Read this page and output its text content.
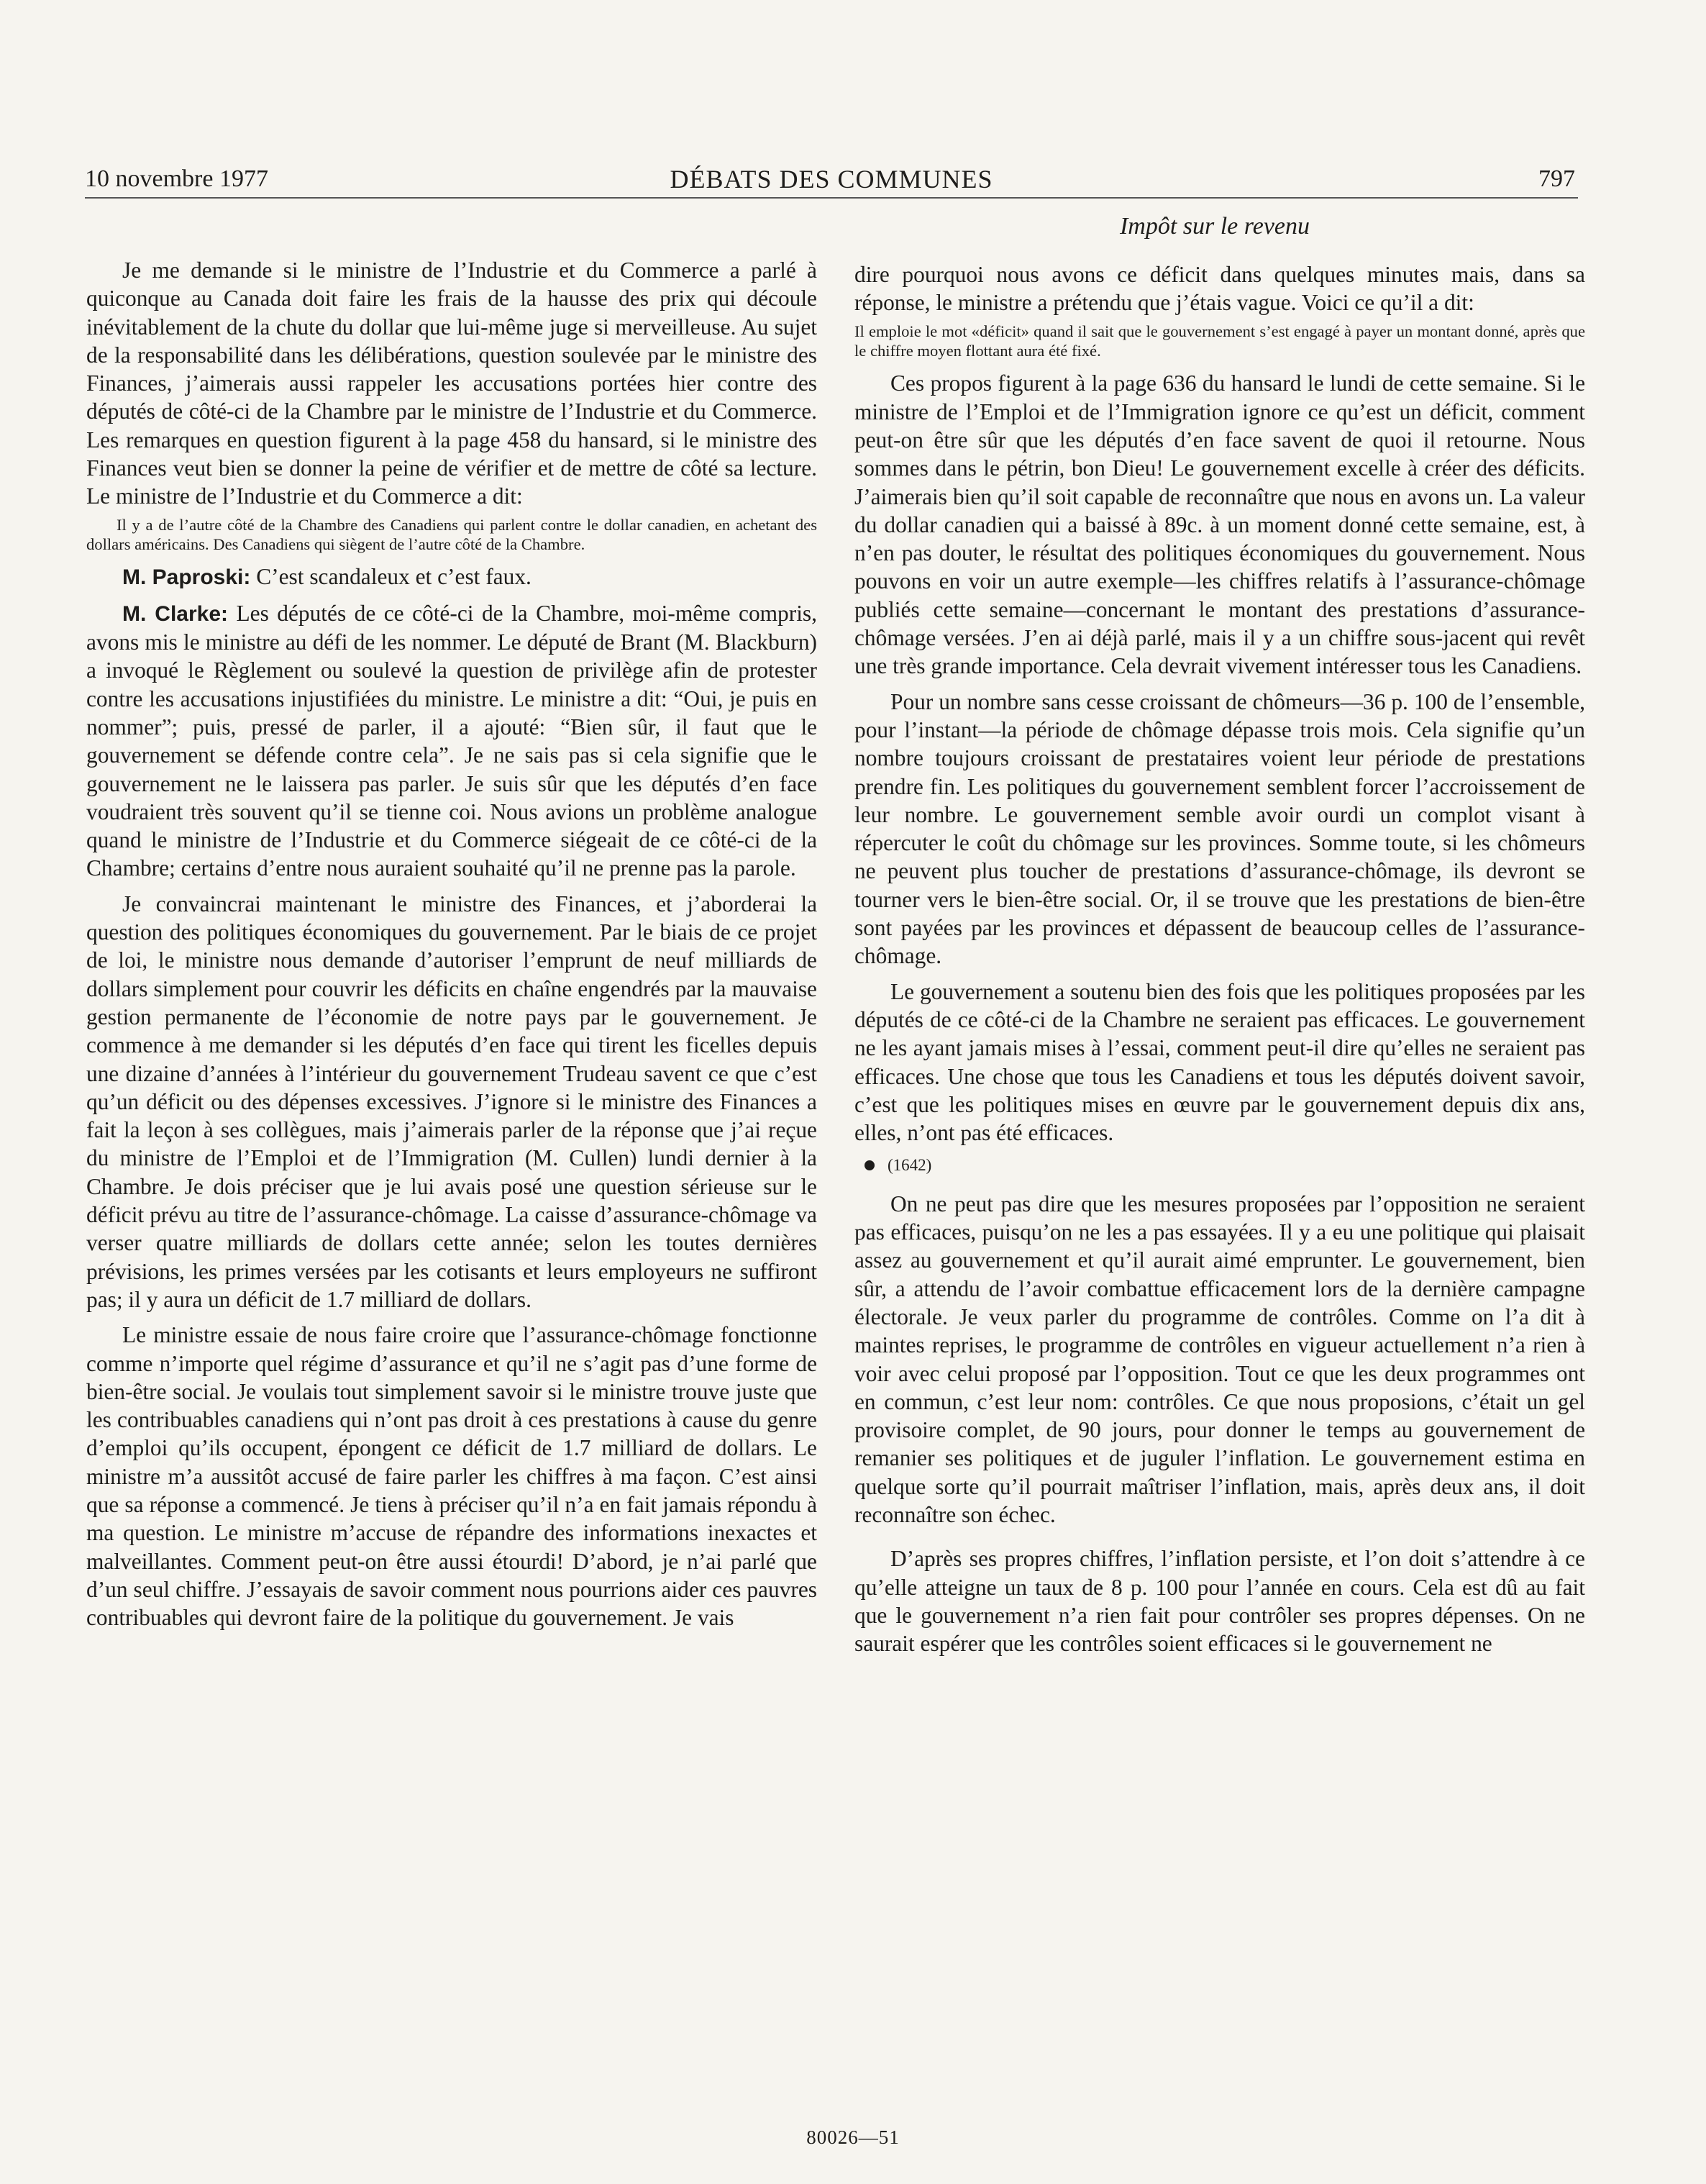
10 novembre 1977	DÉBATS DES COMMUNES	797
Impôt sur le revenu

Je me demande si le ministre de l’Industrie et du Commerce a parlé à quiconque au Canada doit faire les frais de la hausse des prix qui découle inévitablement de la chute du dollar que lui-même juge si merveilleuse. Au sujet de la responsabilité dans les délibérations, question soulevée par le ministre des Finances, j’aimerais aussi rappeler les accusations portées hier contre des députés de côté-ci de la Chambre par le ministre de l’Industrie et du Commerce. Les remarques en question figurent à la page 458 du hansard, si le ministre des Finances veut bien se donner la peine de vérifier et de mettre de côté sa lecture. Le ministre de l’Industrie et du Commerce a dit:

Il y a de l’autre côté de la Chambre des Canadiens qui parlent contre le dollar canadien, en achetant des dollars américains. Des Canadiens qui siègent de l’autre côté de la Chambre.

M. Paproski: C’est scandaleux et c’est faux.

M. Clarke: Les députés de ce côté-ci de la Chambre, moi-même compris, avons mis le ministre au défi de les nommer. Le député de Brant (M. Blackburn) a invoqué le Règlement ou soulevé la question de privilège afin de protester contre les accusations injustifiées du ministre. Le ministre a dit: “Oui, je puis en nommer”; puis, pressé de parler, il a ajouté: “Bien sûr, il faut que le gouvernement se défende contre cela”. Je ne sais pas si cela signifie que le gouvernement ne le laissera pas parler. Je suis sûr que les députés d’en face voudraient très souvent qu’il se tienne coi. Nous avions un problème analogue quand le ministre de l’Industrie et du Commerce siégeait de ce côté-ci de la Chambre; certains d’entre nous auraient souhaité qu’il ne prenne pas la parole.

Je convaincrai maintenant le ministre des Finances, et j’aborderai la question des politiques économiques du gouvernement. Par le biais de ce projet de loi, le ministre nous demande d’autoriser l’emprunt de neuf milliards de dollars simplement pour couvrir les déficits en chaîne engendrés par la mauvaise gestion permanente de l’économie de notre pays par le gouvernement. Je commence à me demander si les députés d’en face qui tirent les ficelles depuis une dizaine d’années à l’intérieur du gouvernement Trudeau savent ce que c’est qu’un déficit ou des dépenses excessives. J’ignore si le ministre des Finances a fait la leçon à ses collègues, mais j’aimerais parler de la réponse que j’ai reçue du ministre de l’Emploi et de l’Immigration (M. Cullen) lundi dernier à la Chambre. Je dois préciser que je lui avais posé une question sérieuse sur le déficit prévu au titre de l’assurance-chômage. La caisse d’assurance-chômage va verser quatre milliards de dollars cette année; selon les toutes dernières prévisions, les primes versées par les cotisants et leurs employeurs ne suffiront pas; il y aura un déficit de 1.7 milliard de dollars.

Le ministre essaie de nous faire croire que l’assurance-chômage fonctionne comme n’importe quel régime d’assurance et qu’il ne s’agit pas d’une forme de bien-être social. Je voulais tout simplement savoir si le ministre trouve juste que les contribuables canadiens qui n’ont pas droit à ces prestations à cause du genre d’emploi qu’ils occupent, épongent ce déficit de 1.7 milliard de dollars. Le ministre m’a aussitôt accusé de faire parler les chiffres à ma façon. C’est ainsi que sa réponse a commencé. Je tiens à préciser qu’il n’a en fait jamais répondu à ma question. Le ministre m’accuse de répandre des informations inexactes et malveillantes. Comment peut-on être aussi étourdi! D’abord, je n’ai parlé que d’un seul chiffre. J’essayais de savoir comment nous pourrions aider ces pauvres contribuables qui devront faire de la politique du gouvernement. Je vais

dire pourquoi nous avons ce déficit dans quelques minutes mais, dans sa réponse, le ministre a prétendu que j’étais vague. Voici ce qu’il a dit:

Il emploie le mot «déficit» quand il sait que le gouvernement s’est engagé à payer un montant donné, après que le chiffre moyen flottant aura été fixé.

Ces propos figurent à la page 636 du hansard le lundi de cette semaine. Si le ministre de l’Emploi et de l’Immigration ignore ce qu’est un déficit, comment peut-on être sûr que les députés d’en face savent de quoi il retourne. Nous sommes dans le pétrin, bon Dieu! Le gouvernement excelle à créer des déficits. J’aimerais bien qu’il soit capable de reconnaître que nous en avons un. La valeur du dollar canadien qui a baissé à 89c. à un moment donné cette semaine, est, à n’en pas douter, le résultat des politiques économiques du gouvernement. Nous pouvons en voir un autre exemple—les chiffres relatifs à l’assurance-chômage publiés cette semaine—concernant le montant des prestations d’assurance-chômage versées. J’en ai déjà parlé, mais il y a un chiffre sous-jacent qui revêt une très grande importance. Cela devrait vivement intéresser tous les Canadiens.

Pour un nombre sans cesse croissant de chômeurs—36 p. 100 de l’ensemble, pour l’instant—la période de chômage dépasse trois mois. Cela signifie qu’un nombre toujours croissant de prestataires voient leur période de prestations prendre fin. Les politiques du gouvernement semblent forcer l’accroissement de leur nombre. Le gouvernement semble avoir ourdi un complot visant à répercuter le coût du chômage sur les provinces. Somme toute, si les chômeurs ne peuvent plus toucher de prestations d’assurance-chômage, ils devront se tourner vers le bien-être social. Or, il se trouve que les prestations de bien-être sont payées par les provinces et dépassent de beaucoup celles de l’assurance-chômage.

Le gouvernement a soutenu bien des fois que les politiques proposées par les députés de ce côté-ci de la Chambre ne seraient pas efficaces. Le gouvernement ne les ayant jamais mises à l’essai, comment peut-il dire qu’elles ne seraient pas efficaces. Une chose que tous les Canadiens et tous les députés doivent savoir, c’est que les politiques mises en œuvre par le gouvernement depuis dix ans, elles, n’ont pas été efficaces.

(1642)

On ne peut pas dire que les mesures proposées par l’opposition ne seraient pas efficaces, puisqu’on ne les a pas essayées. Il y a eu une politique qui plaisait assez au gouvernement et qu’il aurait aimé emprunter. Le gouvernement, bien sûr, a attendu de l’avoir combattue efficacement lors de la dernière campagne électorale. Je veux parler du programme de contrôles. Comme on l’a dit à maintes reprises, le programme de contrôles en vigueur actuellement n’a rien à voir avec celui proposé par l’opposition. Tout ce que les deux programmes ont en commun, c’est leur nom: contrôles. Ce que nous proposions, c’était un gel provisoire complet, de 90 jours, pour donner le temps au gouvernement de remanier ses politiques et de juguler l’inflation. Le gouvernement estima en quelque sorte qu’il pourrait maîtriser l’inflation, mais, après deux ans, il doit reconnaître son échec.

D’après ses propres chiffres, l’inflation persiste, et l’on doit s’attendre à ce qu’elle atteigne un taux de 8 p. 100 pour l’année en cours. Cela est dû au fait que le gouvernement n’a rien fait pour contrôler ses propres dépenses. On ne saurait espérer que les contrôles soient efficaces si le gouvernement ne

80026—51
